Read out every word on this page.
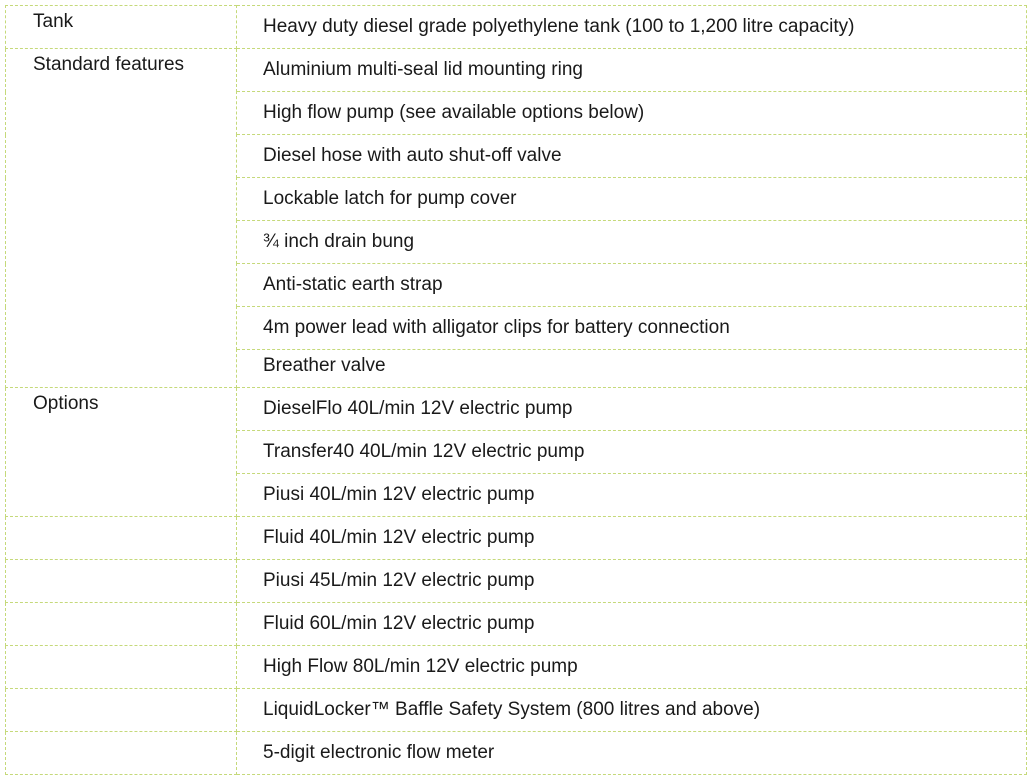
Tank	Heavy duty diesel grade polyethylene tank (100 to 1,200 litre capacity)
Standard features	Aluminium multi-seal lid mounting ring
	High flow pump (see available options below)
	Diesel hose with auto shut-off valve
	Lockable latch for pump cover
	¾ inch drain bung
	Anti-static earth strap
	4m power lead with alligator clips for battery connection
	Breather valve
Options	DieselFlo 40L/min 12V electric pump
	Transfer40 40L/min 12V electric pump
	Piusi 40L/min 12V electric pump
	Fluid 40L/min 12V electric pump
	Piusi 45L/min 12V electric pump
	Fluid 60L/min 12V electric pump
	High Flow 80L/min 12V electric pump
	LiquidLocker™ Baffle Safety System (800 litres and above)
	5-digit electronic flow meter
